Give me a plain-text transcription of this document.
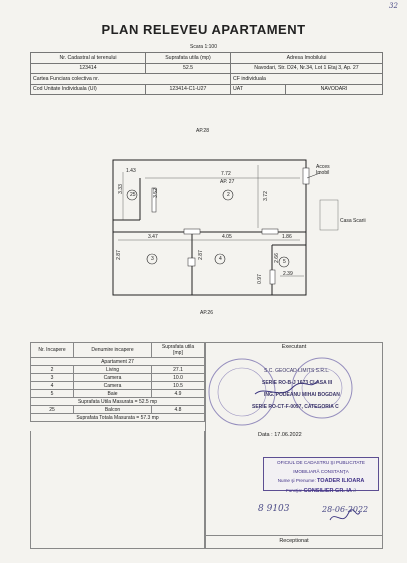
32
PLAN RELEVEU APARTAMENT
Scara 1:100
Nr. Cadastral al terenului	Suprafata utila (mp)	Adresa Imobilului	
123414	52.5	Navodari, Str. D24, Nr.34, Lot 1 Etaj 3, Ap. 27	
Cartea Funciara colectiva nr.		CF individuala	
Cod Unitate Individuala (UI)	123414-C1-U27	UAT	NAVODARI
AP.28
AP.26
Acces
Imobil
Casa Scarii
AP. 27
7.72
1.43
3.33	3.52	3.72
3.47	4.05	1.86
2.87	2.87	2.66
0.97
2.39
25	2
3	4	5
Nr. Incapere	Denumire incapere	Suprafata utila
[mp]
Apartament 27		
2	Living	27.1
3	Camera	10.0
4	Camera	10.5
5	Baie	4.9
Suprafata Utila Masurata = 52.5 mp		
25	Balcon	4.8
Suprafata Totala Masurata = 57.3 mp		
Executant
S.C. GEOCAD LIMITS S.R.L.
SERIE RO-B-J 1673 CLASA III
ING. PODEANU MIHAI BOGDAN
SERIE RO-CT-F-0097, CATEGORIA C
Data : 17.06.2022
OFICIUL DE CADASTRU ŞI PUBLICITATE IMOBILIARĂ CONSTANŢA
Nume şi Prenume: TOADER ILIOARA
Funcţia: CONSILIER GR. IA 3
8 9103	28-06-2022
Receptionat
